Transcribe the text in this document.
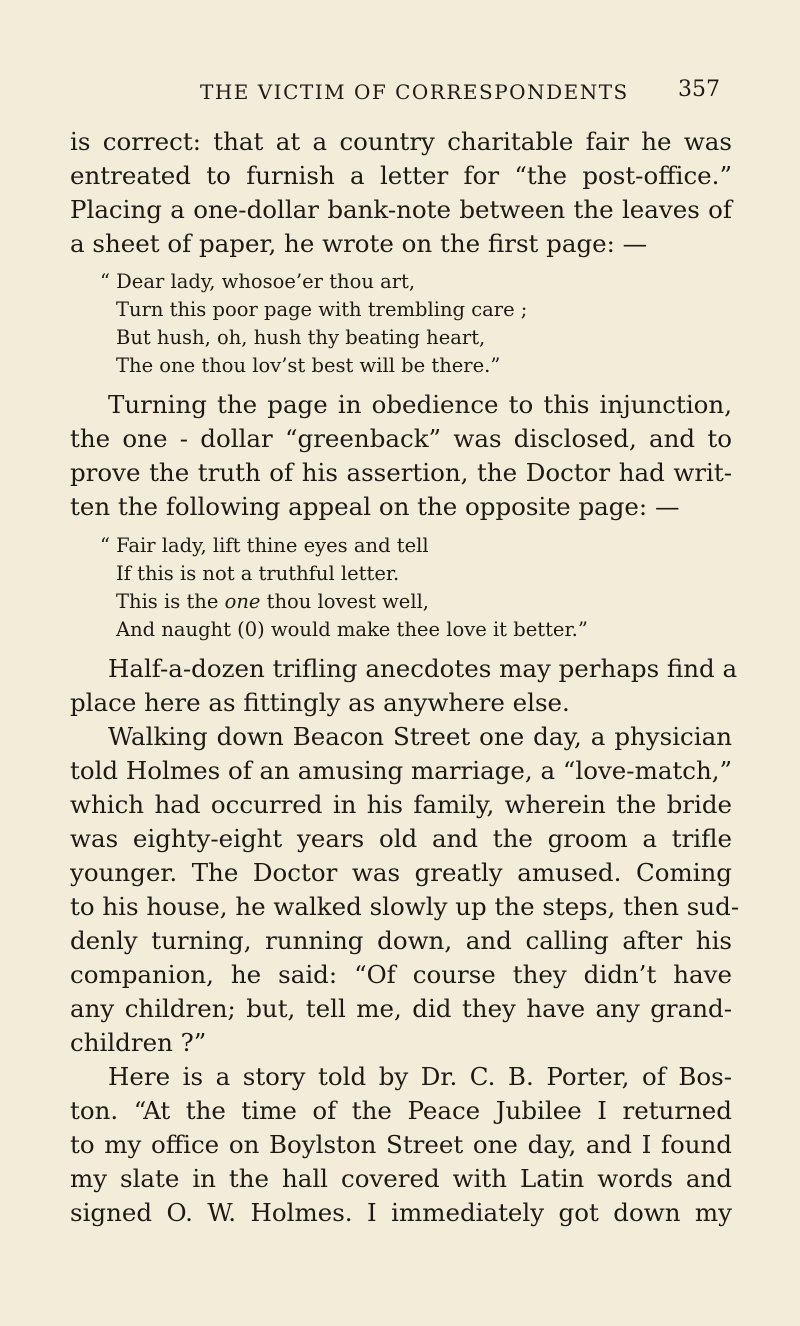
THE VICTIM OF CORRESPONDENTS 357
is correct: that at a country charitable fair he was
entreated to furnish a letter for “the post-office.”
Placing a one-dollar bank-note between the leaves of
a sheet of paper, he wrote on the first page: —
“ Dear lady, whosoe’er thou art,
Turn this poor page with trembling care ;
But hush, oh, hush thy beating heart,
The one thou lov’st best will be there.”
Turning the page in obedience to this injunction,
the one - dollar “greenback” was disclosed, and to
prove the truth of his assertion, the Doctor had writ-
ten the following appeal on the opposite page: —
“ Fair lady, lift thine eyes and tell
If this is not a truthful letter.
This is the one thou lovest well,
And naught (0) would make thee love it better.”
Half-a-dozen trifling anecdotes may perhaps find a
place here as fittingly as anywhere else.
Walking down Beacon Street one day, a physician
told Holmes of an amusing marriage, a “love-match,”
which had occurred in his family, wherein the bride
was eighty-eight years old and the groom a trifle
younger. The Doctor was greatly amused. Coming
to his house, he walked slowly up the steps, then sud-
denly turning, running down, and calling after his
companion, he said: “Of course they didn’t have
any children; but, tell me, did they have any grand-
children ?”
Here is a story told by Dr. C. B. Porter, of Bos-
ton. “At the time of the Peace Jubilee I returned
to my office on Boylston Street one day, and I found
my slate in the hall covered with Latin words and
signed O. W. Holmes. I immediately got down my
